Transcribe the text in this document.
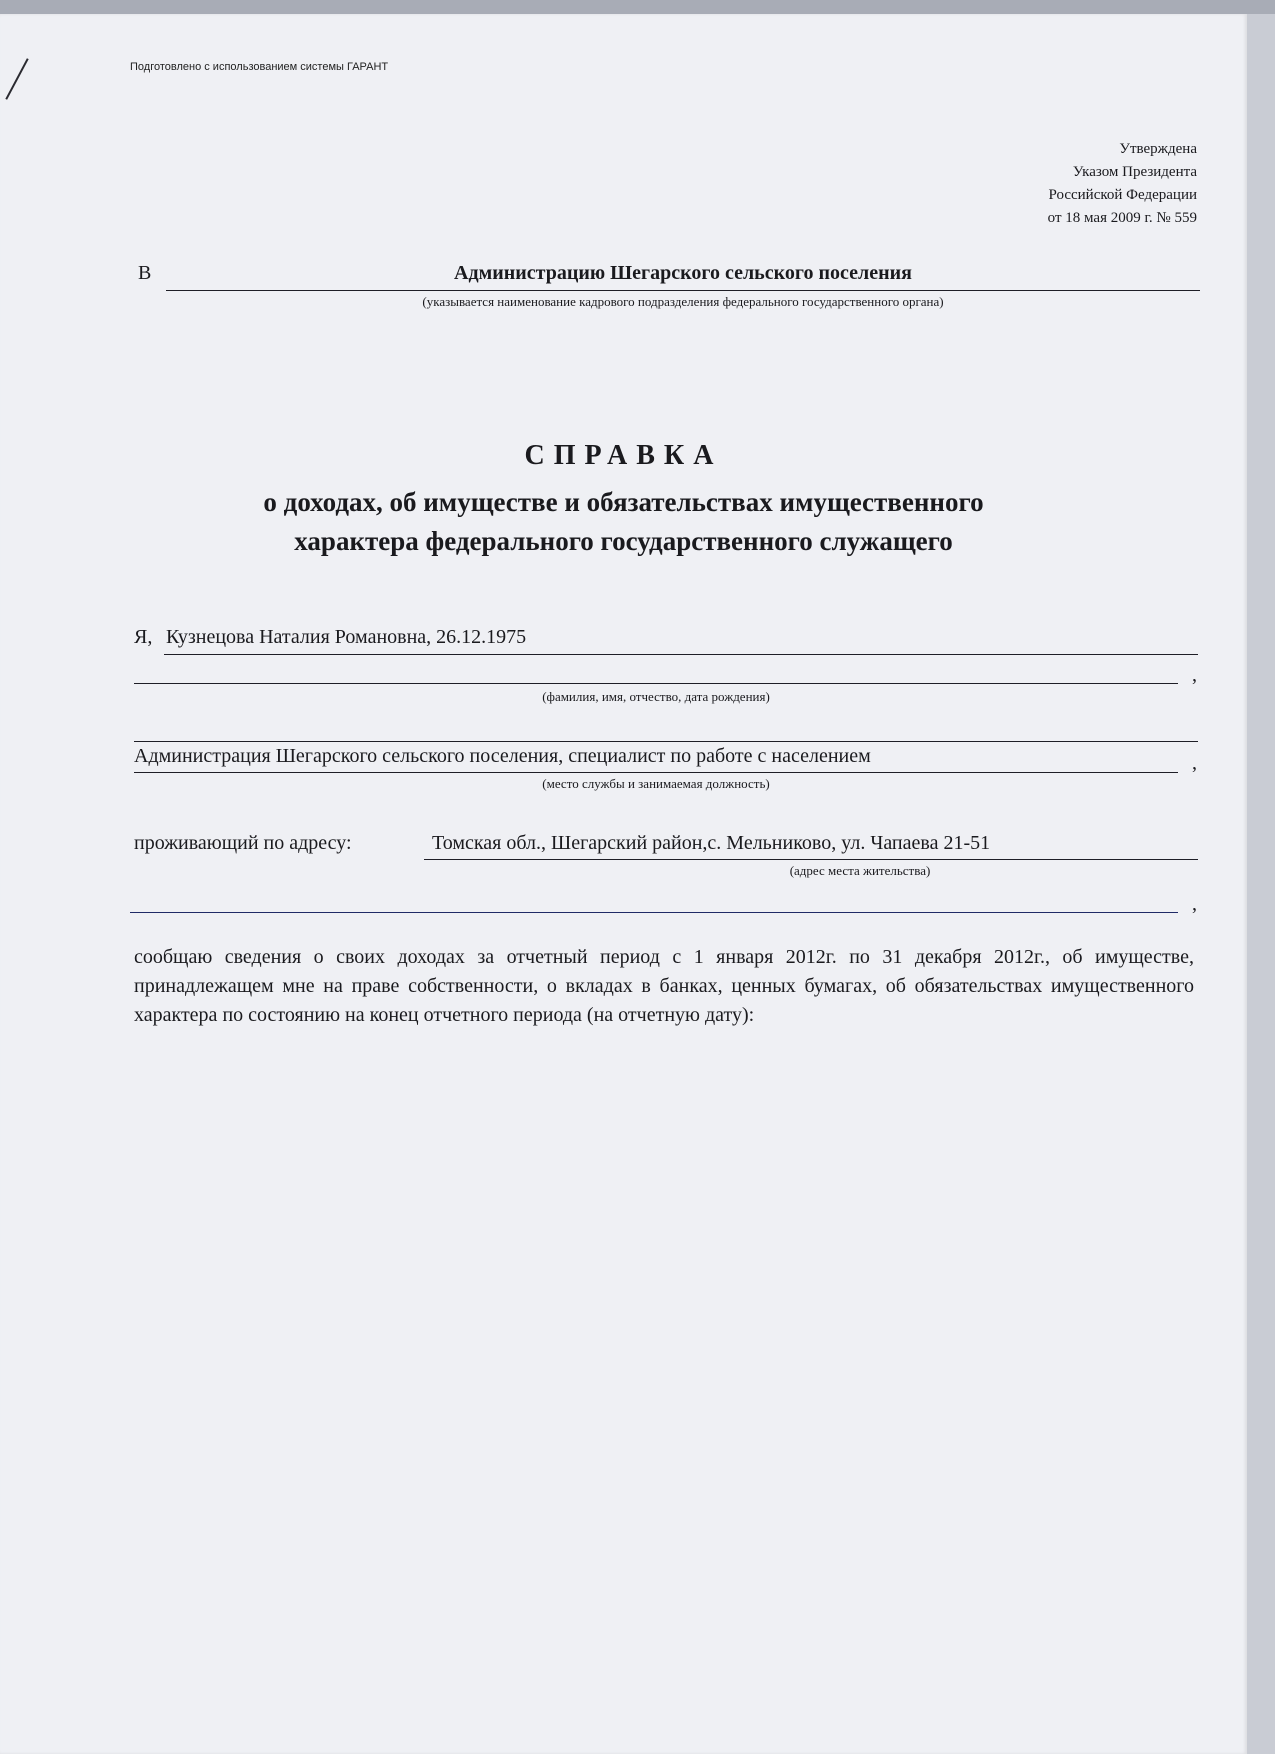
Подготовлено с использованием системы ГАРАНТ
Утверждена
Указом Президента
Российской Федерации
от 18 мая 2009 г. № 559
В	Администрацию Шегарского сельского поселения
(указывается наименование кадрового подразделения федерального государственного органа)
СПРАВКА
о доходах, об имуществе и обязательствах имущественного
характера федерального государственного служащего
Я, Кузнецова Наталия Романовна, 26.12.1975
,
(фамилия, имя, отчество, дата рождения)
Администрация Шегарского сельского поселения, специалист по работе с населением	,
(место службы и занимаемая должность)
проживающий по адресу:	Томская обл., Шегарский район,с. Мельниково, ул. Чапаева 21-51
(адрес места жительства)
,
сообщаю сведения о своих доходах за отчетный период с 1 января 2012г. по 31 декабря 2012г., об имуществе, принадлежащем мне на праве собственности, о вкладах в банках, ценных бумагах, об обязательствах имущественного характера по состоянию на конец отчетного периода (на отчетную дату):
